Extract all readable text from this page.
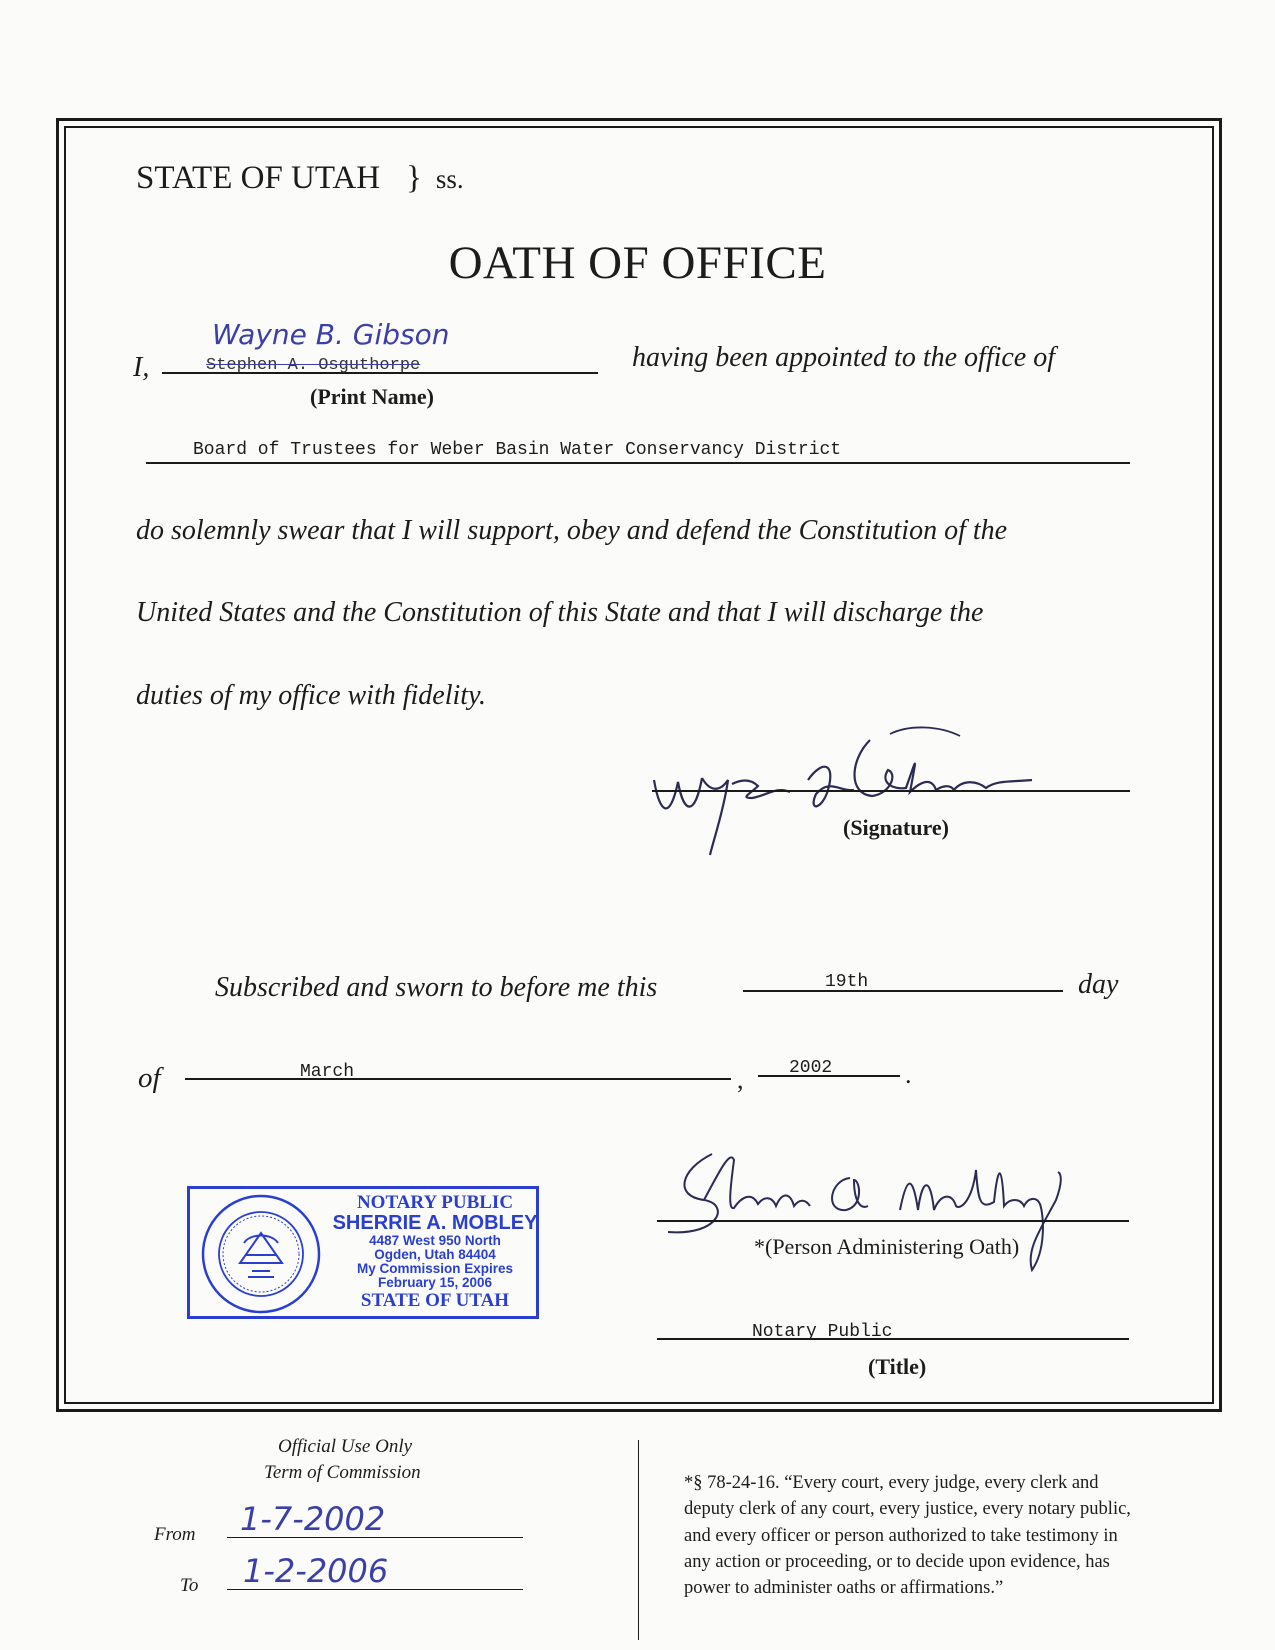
STATE OF UTAH } ss.
OATH OF OFFICE
I,
Wayne B. Gibson
Stephen A. Osguthorpe	having been appointed to the office of
(Print Name)
Board of Trustees for Weber Basin Water Conservancy District
do solemnly swear that I will support, obey and defend the Constitution of the
United States and the Constitution of this State and that I will discharge the
duties of my office with fidelity.
(Signature)
Subscribed and sworn to before me this	19th	day
of	March	,	2002	.
NOTARY PUBLIC
SHERRIE A. MOBLEY
4487 West 950 North
Ogden, Utah 84404
My Commission Expires
February 15, 2006
STATE OF UTAH
*(Person Administering Oath)
Notary Public
(Title)
Official Use Only
Term of Commission
From 1-7-2002
To 1-2-2006
*§ 78-24-16. “Every court, every judge, every clerk and
deputy clerk of any court, every justice, every notary public,
and every officer or person authorized to take testimony in
any action or proceeding, or to decide upon evidence, has
power to administer oaths or affirmations.”
